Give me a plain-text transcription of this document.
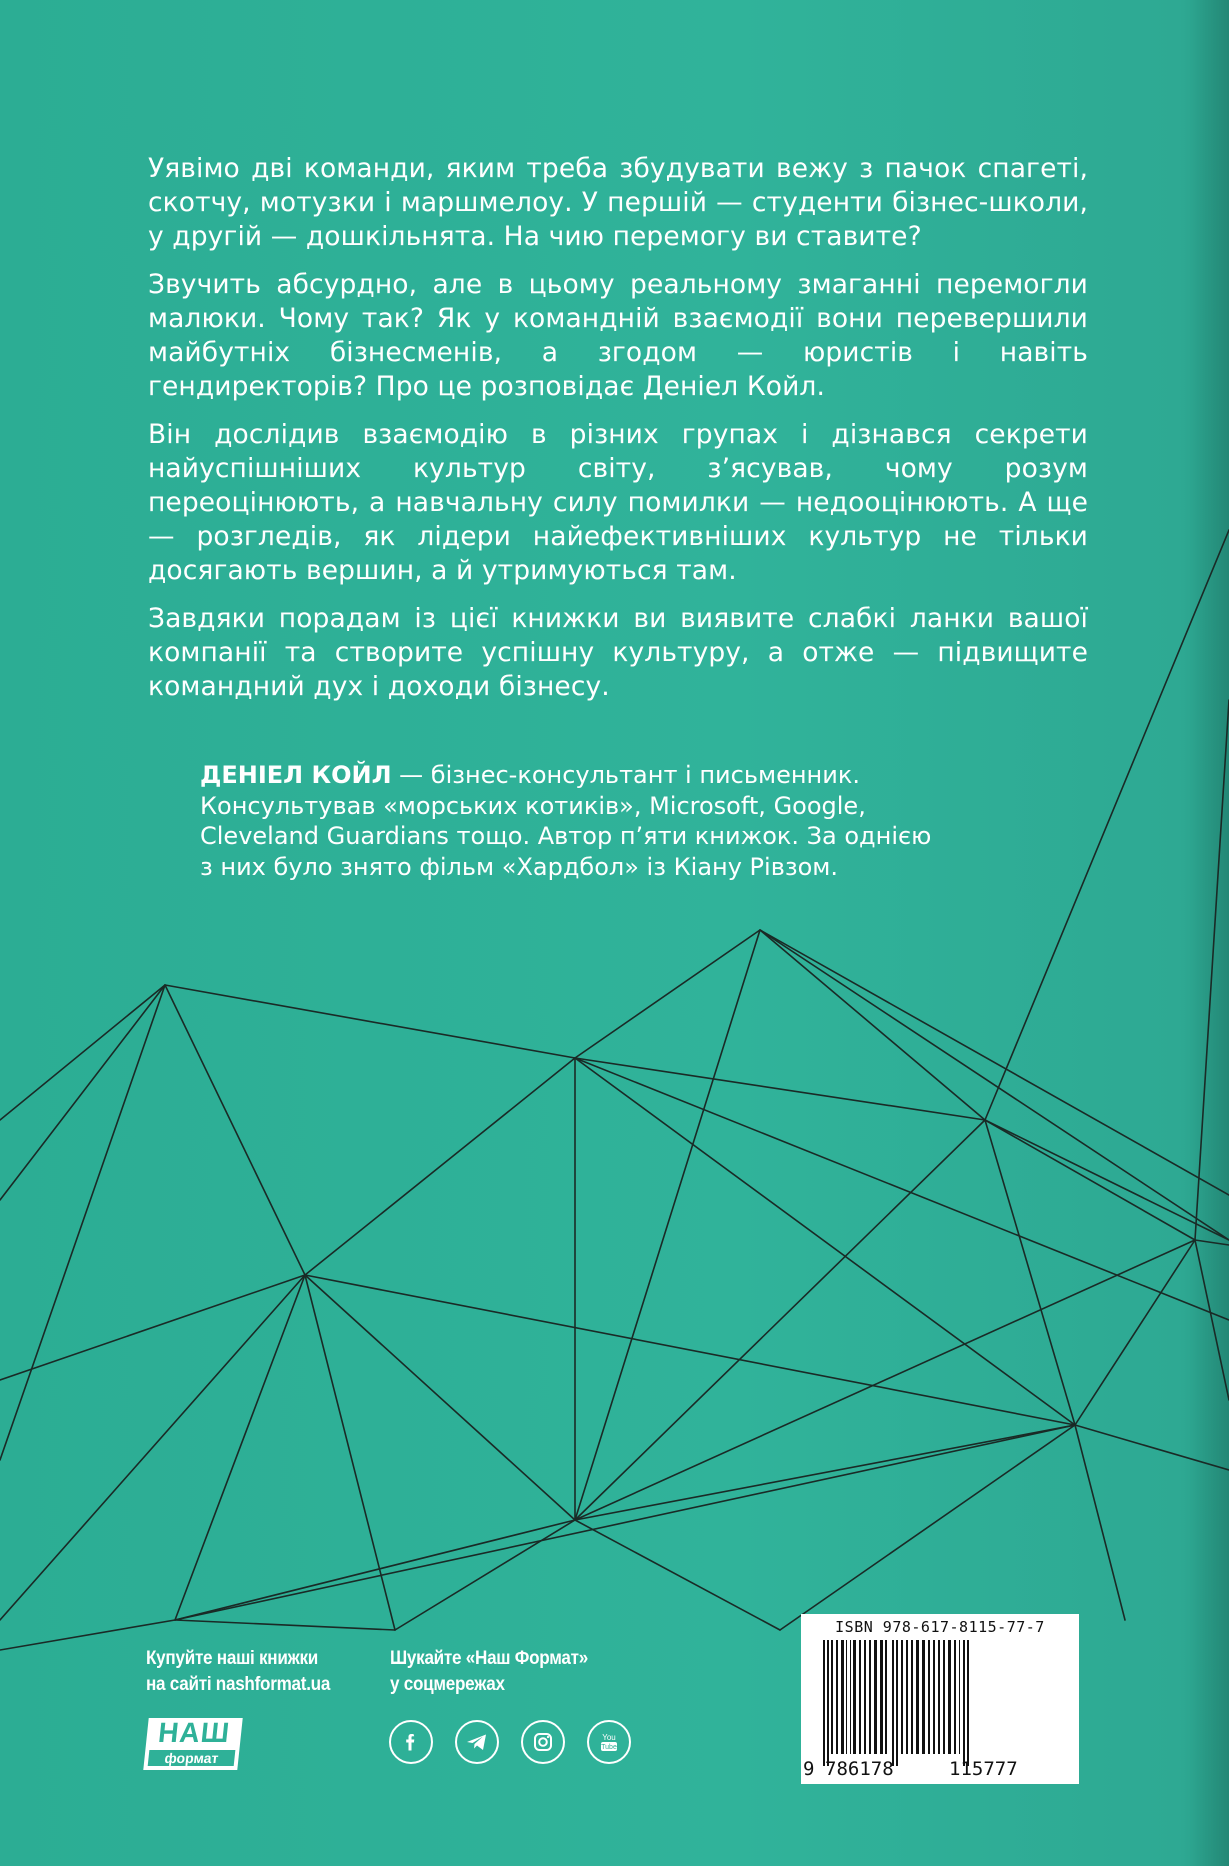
Уявімо дві команди, яким треба збудувати вежу з пачок спагеті, скотчу, мотузки і маршмелоу. У першій — студенти бізнес-школи, у другій — дошкільнята. На чию перемогу ви ставите?

Звучить абсурдно, але в цьому реальному змаганні перемогли малюки. Чому так? Як у командній взаємодії вони перевершили майбутніх бізнесменів, а згодом — юристів і навіть гендиректорів? Про це розповідає Деніел Койл.

Він дослідив взаємодію в різних групах і дізнався секрети найуспішніших культур світу, з’ясував, чому розум переоцінюють, а навчальну силу помилки — недооцінюють. А ще — розгледів, як лідери найефективніших культур не тільки досягають вершин, а й утримуються там.

Завдяки порадам із цієї книжки ви виявите слабкі ланки вашої компанії та створите успішну культуру, а отже — підвищите командний дух і доходи бізнесу.

ДЕНІЕЛ КОЙЛ — бізнес-консультант і письменник. Консультував «морських котиків», Microsoft, Google, Cleveland Guardians тощо. Автор п’яти книжок. За однією з них було знято фільм «Хардбол» із Кіану Рівзом.
Купуйте наші книжки
на сайті nashformat.ua
Шукайте «Наш Формат»
у соцмережах
НАШ
формат
You
Tube
ISBN 978-617-8115-77-7
9 786178	115777
